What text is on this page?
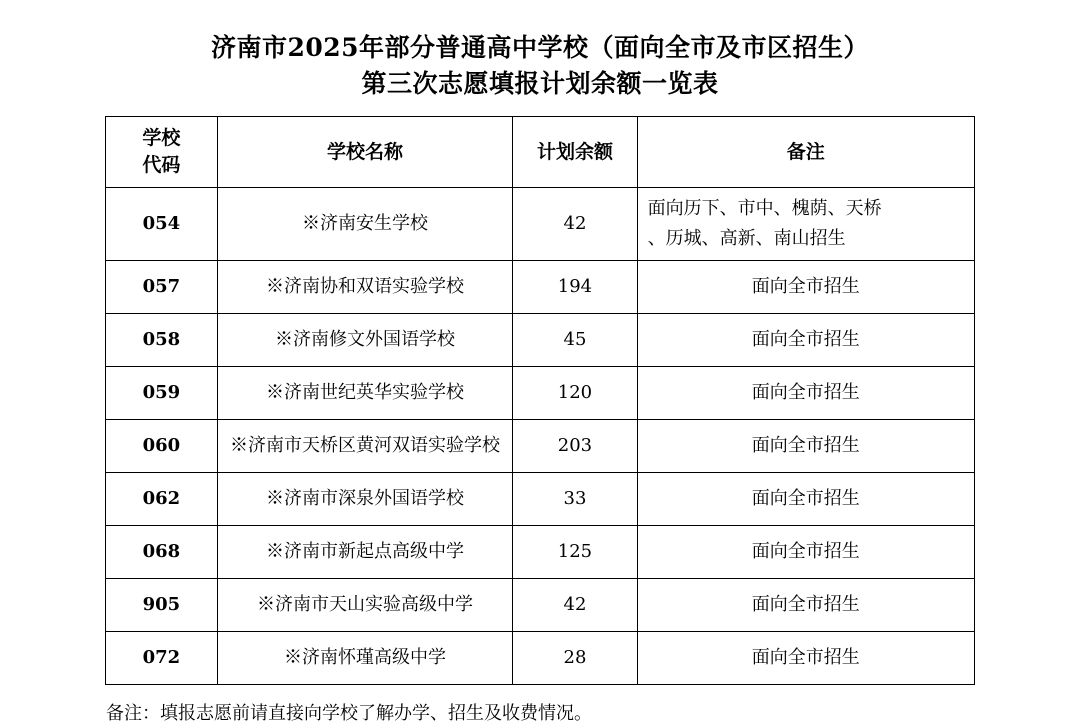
济南市2025年部分普通高中学校（面向全市及市区招生）
第三次志愿填报计划余额一览表
学校
代码	学校名称	计划余额	备注
054	※济南安生学校	42	面向历下、市中、槐荫、天桥
、历城、高新、南山招生

057	※济南协和双语实验学校	194	面向全市招生
058	※济南修文外国语学校	45	面向全市招生
059	※济南世纪英华实验学校	120	面向全市招生
060	※济南市天桥区黄河双语实验学校	203	面向全市招生
062	※济南市深泉外国语学校	33	面向全市招生
068	※济南市新起点高级中学	125	面向全市招生
905	※济南市天山实验高级中学	42	面向全市招生
072	※济南怀瑾高级中学	28	面向全市招生
备注：填报志愿前请直接向学校了解办学、招生及收费情况。
